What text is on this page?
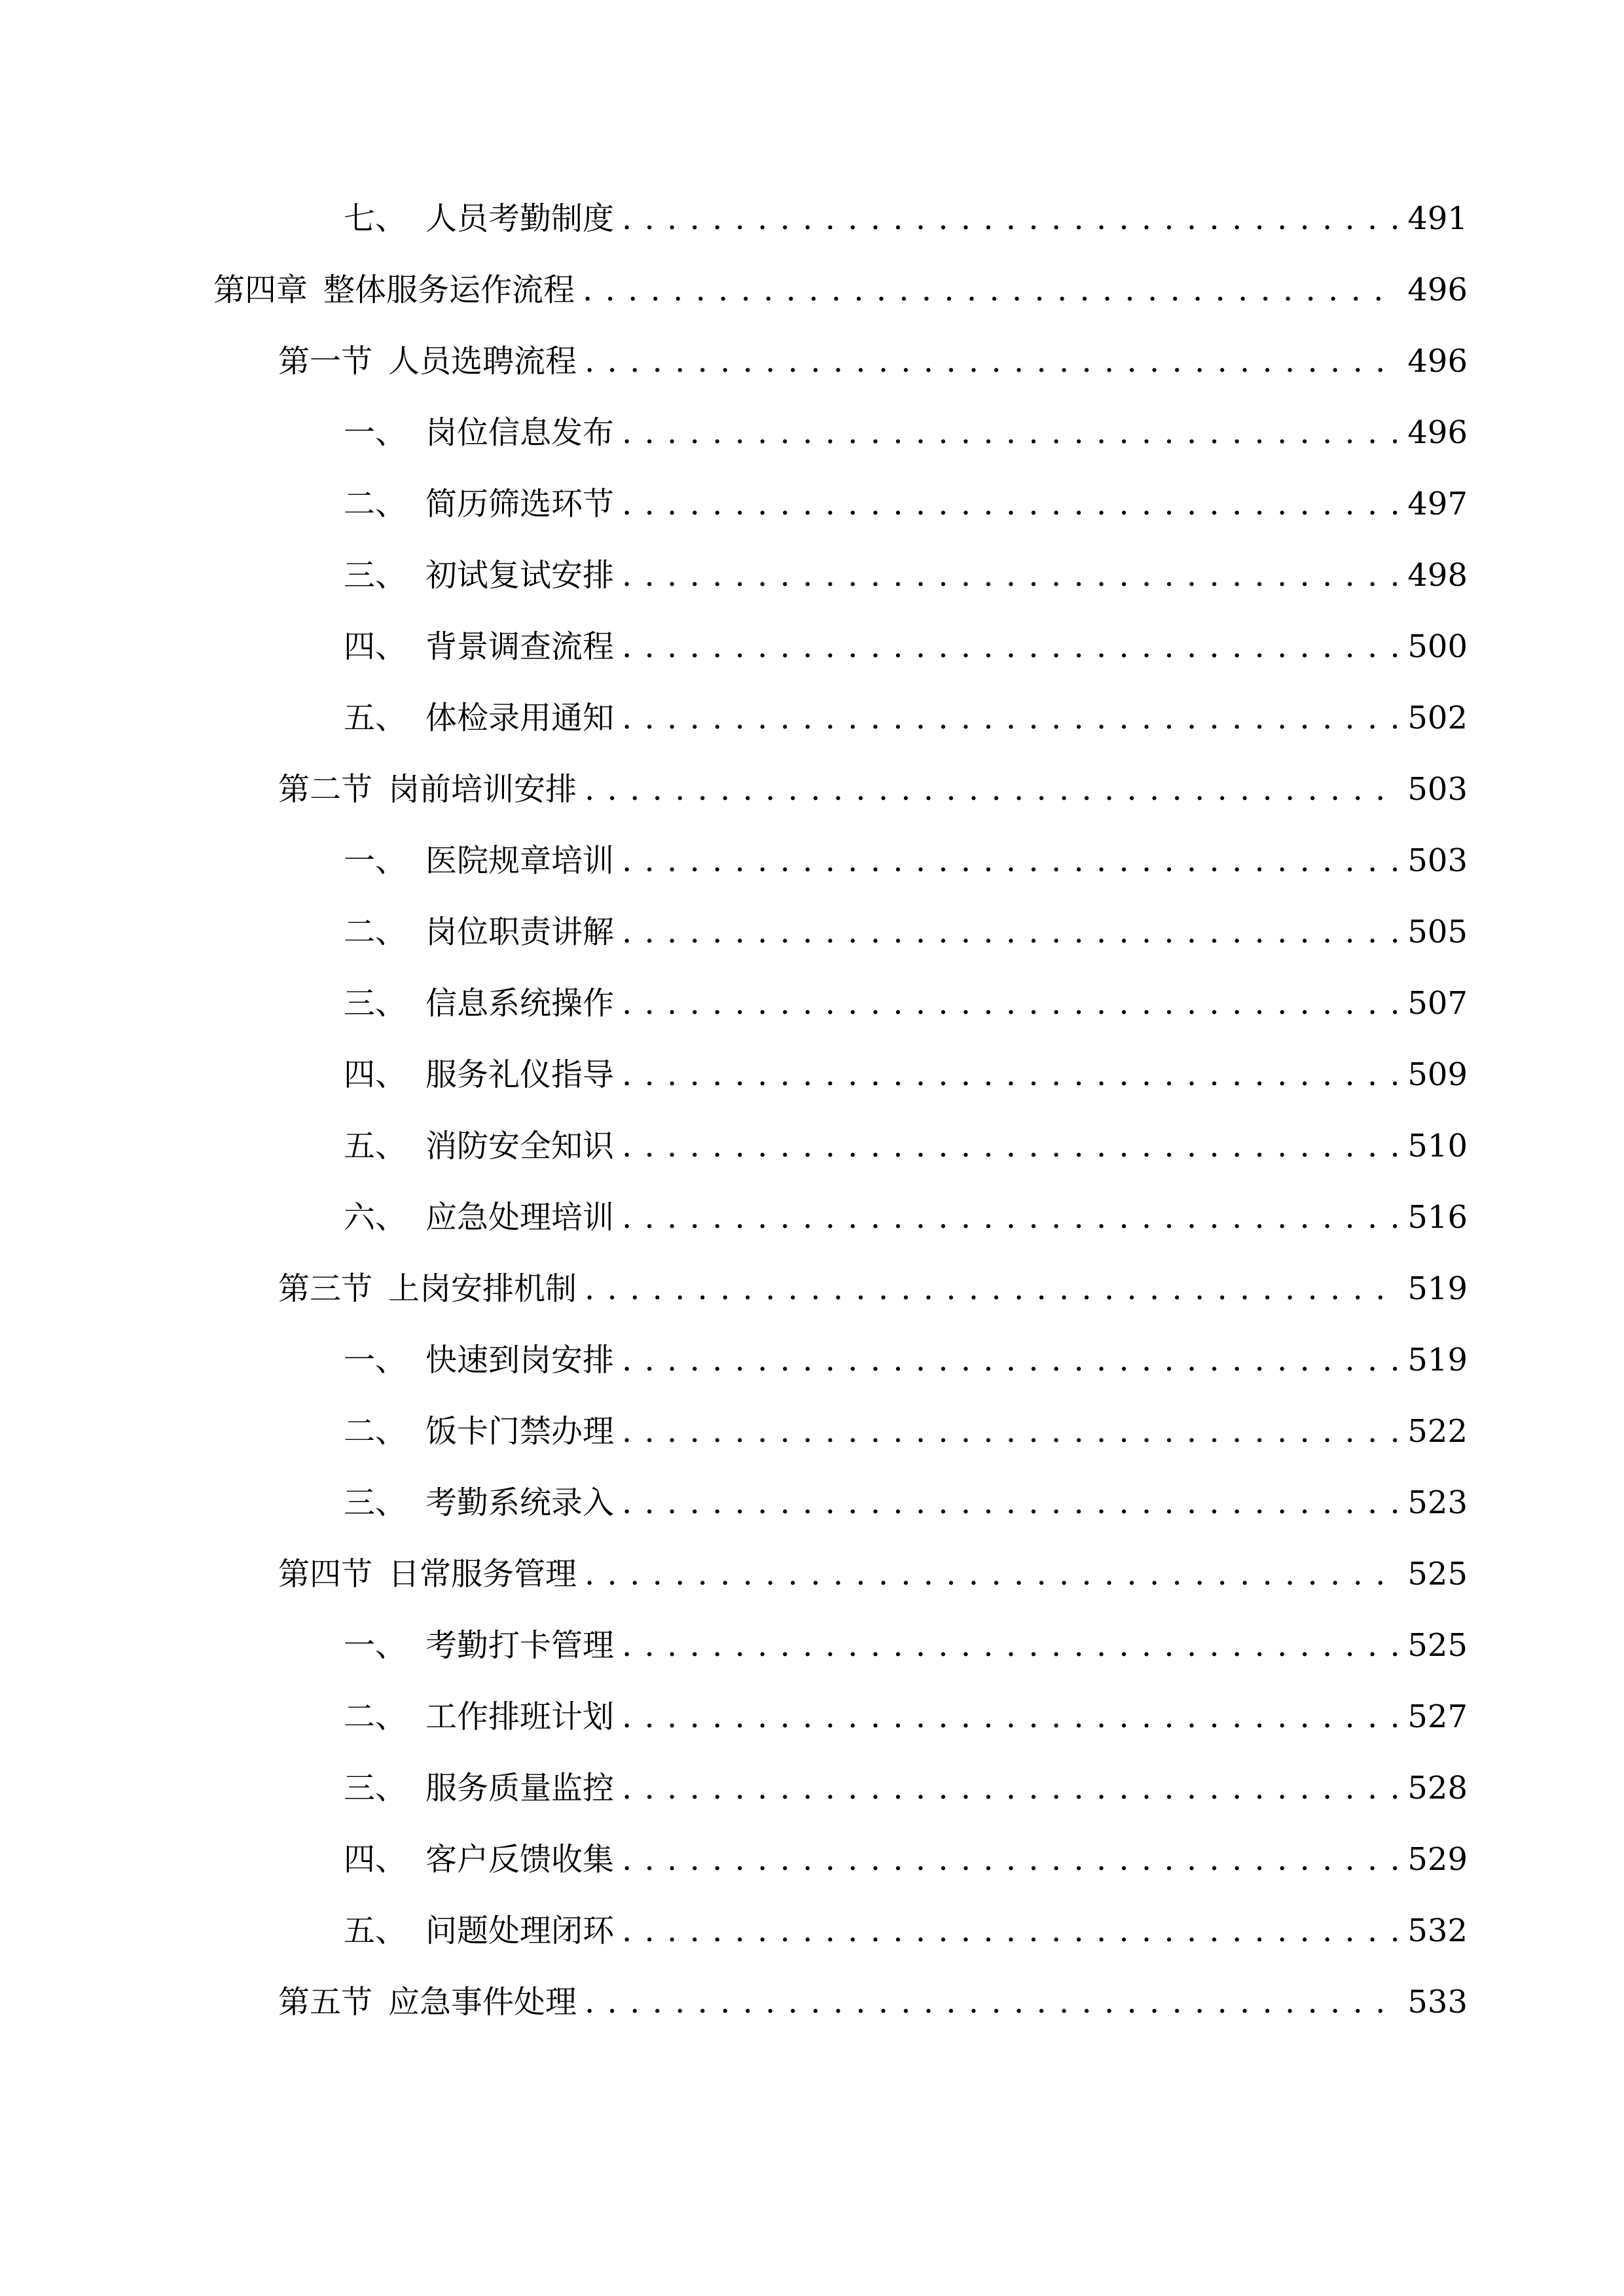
七、 人员考勤制度 . . .	491
第四章 整体服务运作流程 . . .	496
第一节 人员选聘流程 . . .	496
一、 岗位信息发布 . . .	496
二、 简历筛选环节 . . .	497
三、 初试复试安排 . . .	498
四、 背景调查流程 . . .	500
五、 体检录用通知 . . .	502
第二节 岗前培训安排 . . .	503
一、 医院规章培训 . . .	503
二、 岗位职责讲解 . . .	505
三、 信息系统操作 . . .	507
四、 服务礼仪指导 . . .	509
五、 消防安全知识 . . .	510
六、 应急处理培训 . . .	516
第三节 上岗安排机制 . . .	519
一、 快速到岗安排 . . .	519
二、 饭卡门禁办理 . . .	522
三、 考勤系统录入 . . .	523
第四节 日常服务管理 . . .	525
一、 考勤打卡管理 . . .	525
二、 工作排班计划 . . .	527
三、 服务质量监控 . . .	528
四、 客户反馈收集 . . .	529
五、 问题处理闭环 . . .	532
第五节 应急事件处理 . . .	533
